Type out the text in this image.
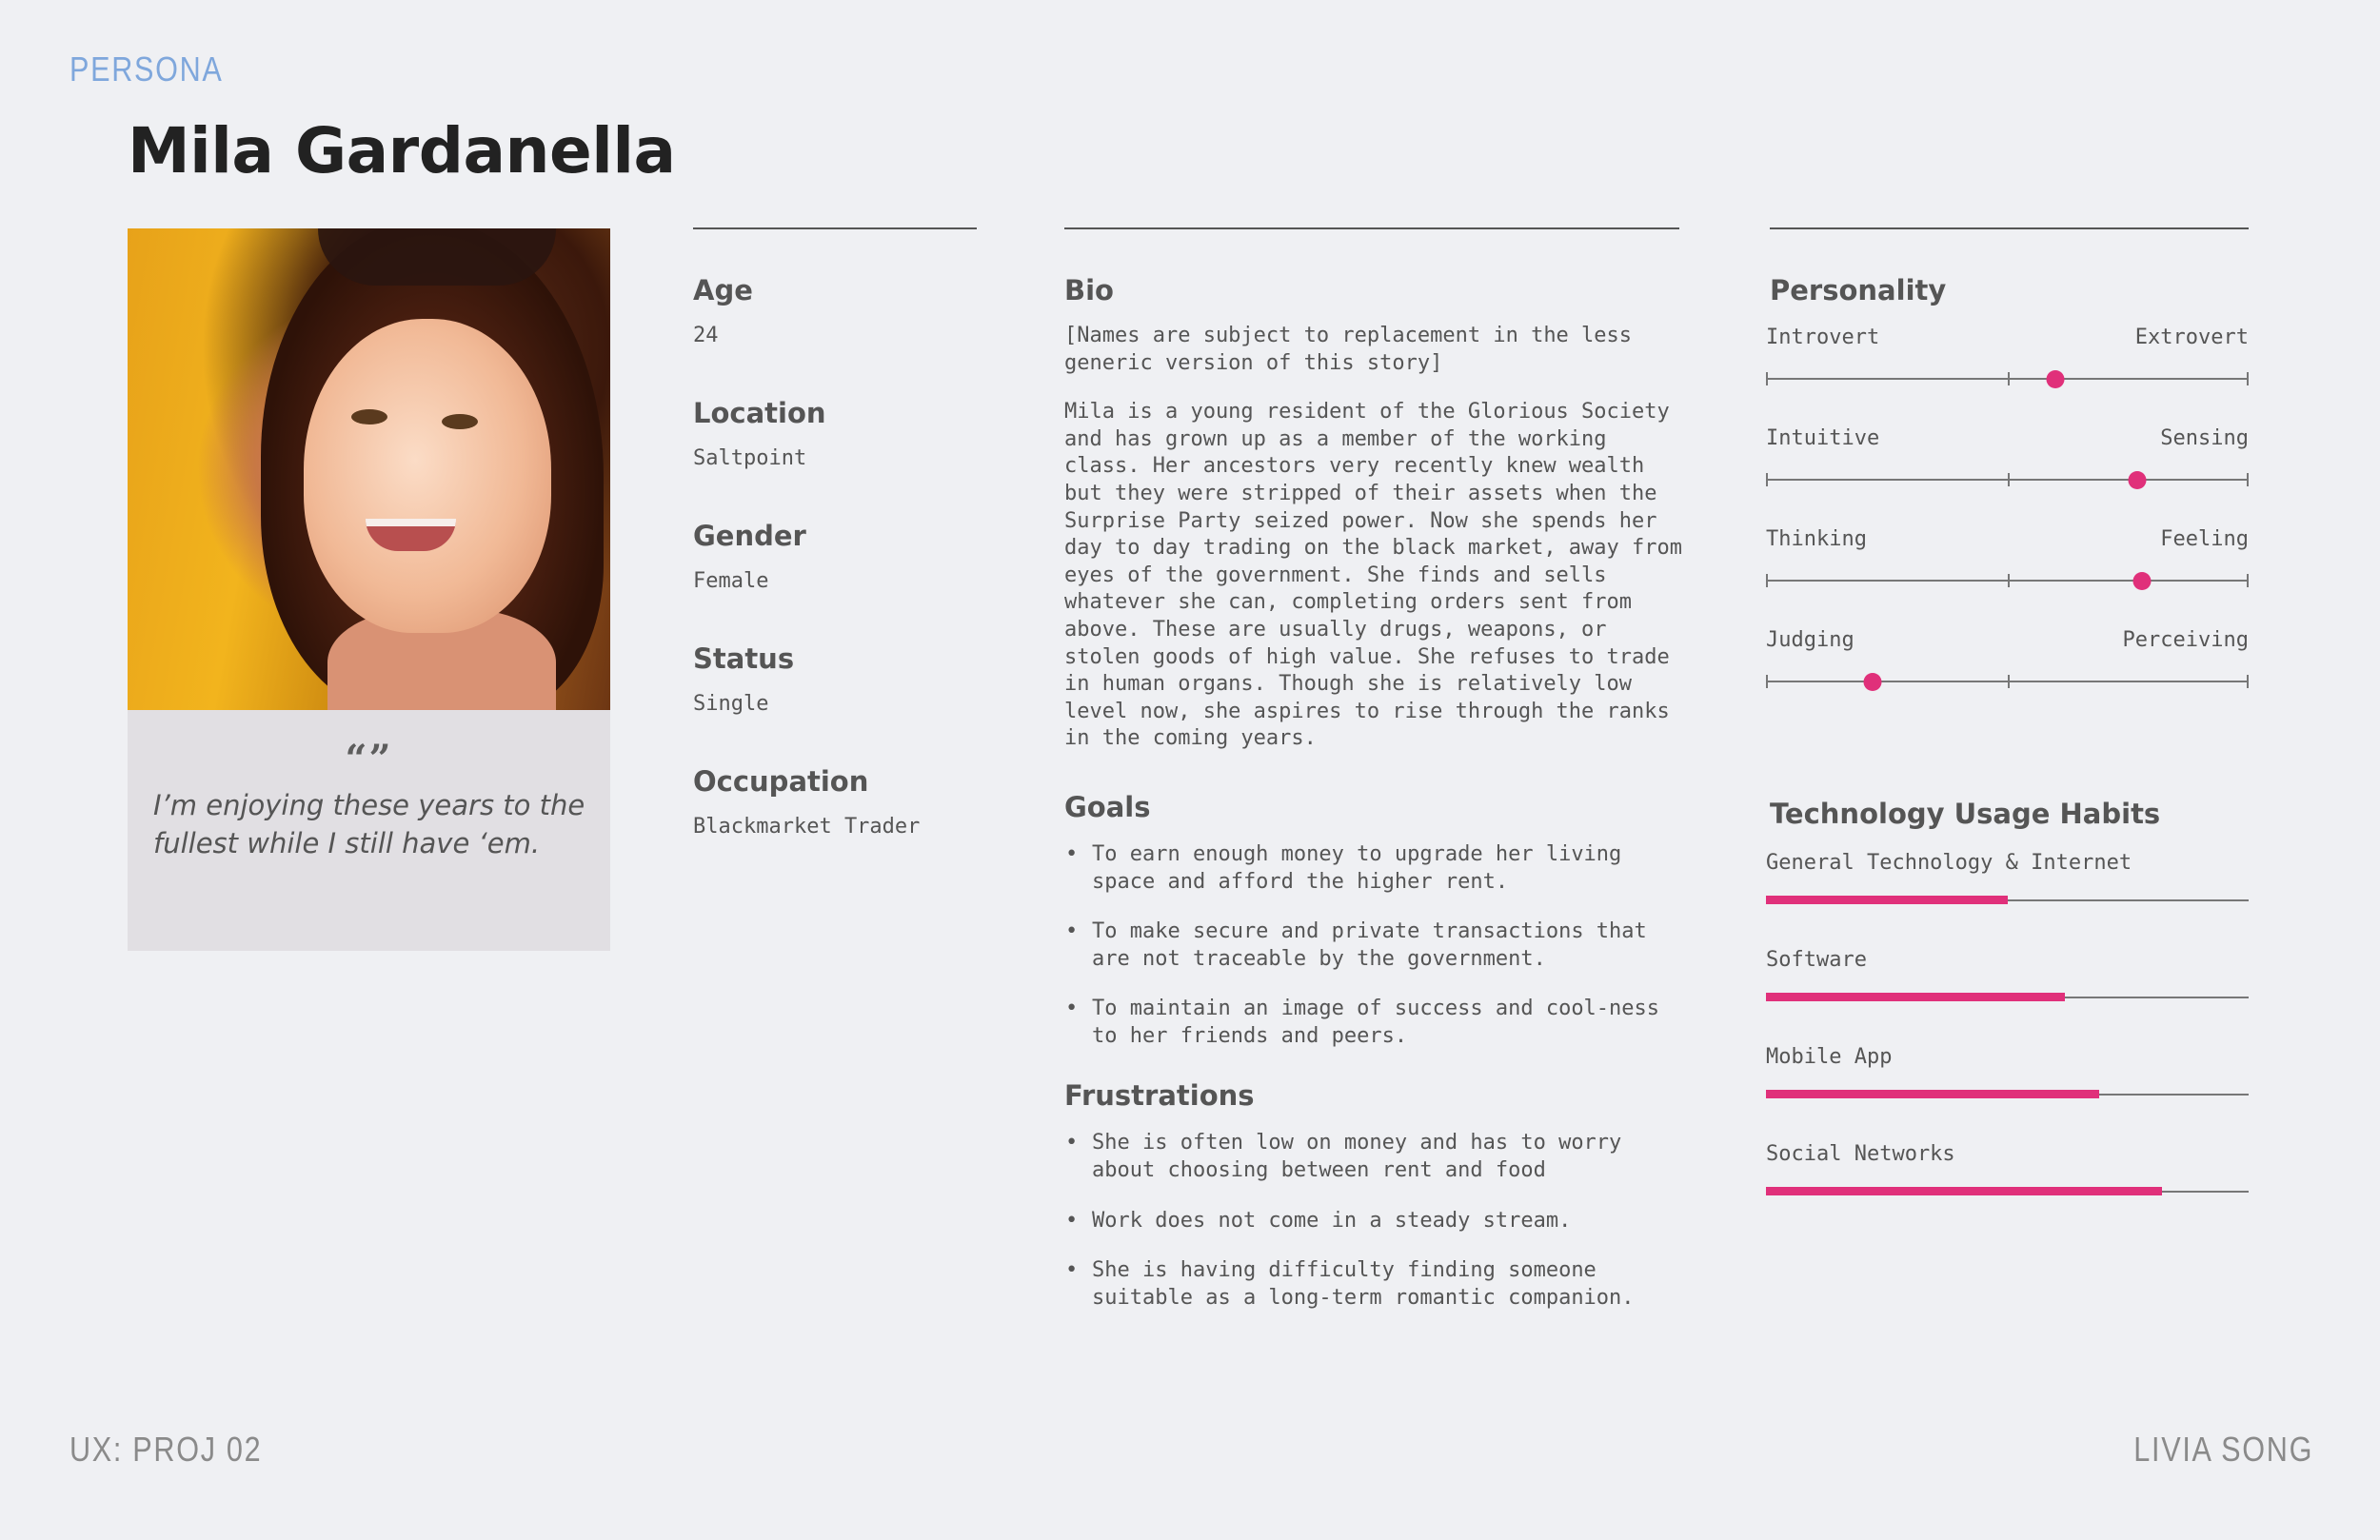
PERSONA
Mila Gardanella
“”

I’m enjoying these years to the fullest while I still have ‘em.

Age
24
Location
Saltpoint
Gender
Female
Status
Single
Occupation
Blackmarket Trader
Bio

[Names are subject to replacement in the less generic version of this story]

Mila is a young resident of the Glorious Society and has grown up as a member of the working class. Her ancestors very recently knew wealth but they were stripped of their assets when the Surprise Party seized power. Now she spends her day to day trading on the black market, away from eyes of the government. She finds and sells whatever she can, completing orders sent from above. These are usually drugs, weapons, or stolen goods of high value. She refuses to trade in human organs. Though she is relatively low level now, she aspires to rise through the ranks in the coming years.

Goals
• To earn enough money to upgrade her living space and afford the higher rent.
• To make secure and private transactions that are not traceable by the government.
• To maintain an image of success and cool-ness to her friends and peers.
Frustrations
• She is often low on money and has to worry about choosing between rent and food
• Work does not come in a steady stream.
• She is having difficulty finding someone suitable as a long-term romantic companion.
Personality
Introvert	Extrovert
Intuitive	Sensing
Thinking	Feeling
Judging	Perceiving
Technology Usage Habits
General Technology & Internet
Software
Mobile App
Social Networks
UX: PROJ 02	LIVIA SONG
